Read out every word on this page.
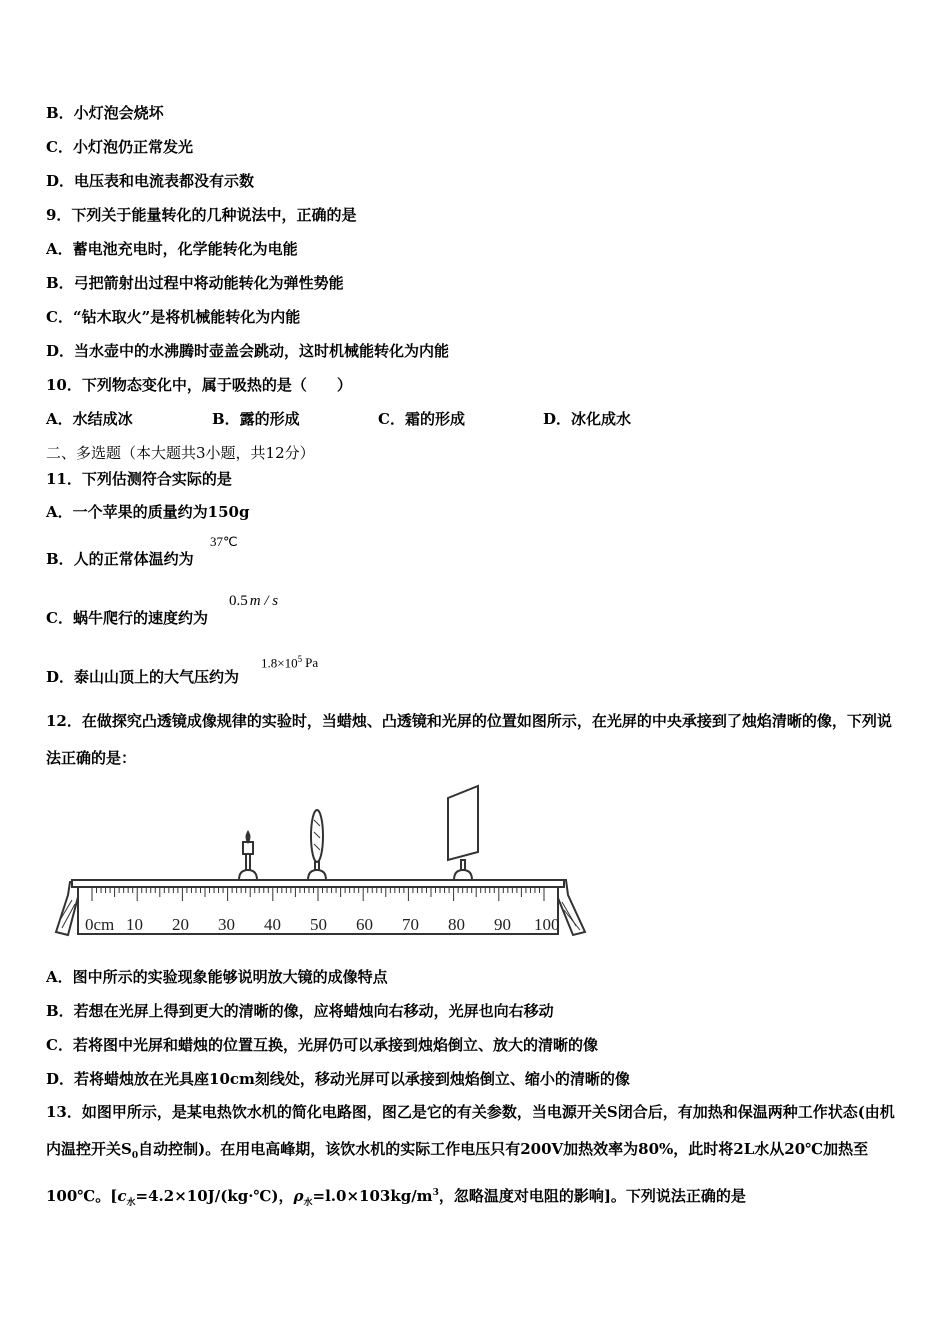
B．小灯泡会烧坏
C．小灯泡仍正常发光
D．电压表和电流表都没有示数
9．下列关于能量转化的几种说法中，正确的是
A．蓄电池充电时，化学能转化为电能
B．弓把箭射出过程中将动能转化为弹性势能
C．“钻木取火”是将机械能转化为内能
D．当水壶中的水沸腾时壶盖会跳动，这时机械能转化为内能
10．下列物态变化中，属于吸热的是（　　）
A．水结成冰	B．露的形成	C．霜的形成	D．冰化成水
二、多选题（本大题共3小题，共12分）
11．下列估测符合实际的是
A．一个苹果的质量约为150g
B．人的正常体温约为
37℃
C．蜗牛爬行的速度约为
0.5 m / s
D．泰山山顶上的大气压约为
$1.8\times 10^5$ Pa
12．在做探究凸透镜成像规律的实验时，当蜡烛、凸透镜和光屏的位置如图所示，在光屏的中央承接到了烛焰清晰的像，下列说法正确的是：
0cm 10 20 30 40 50 60 70 80 90 100
A．图中所示的实验现象能够说明放大镜的成像特点
B．若想在光屏上得到更大的清晰的像，应将蜡烛向右移动，光屏也向右移动
C．若将图中光屏和蜡烛的位置互换，光屏仍可以承接到烛焰倒立、放大的清晰的像
D．若将蜡烛放在光具座10cm刻线处，移动光屏可以承接到烛焰倒立、缩小的清晰的像
13．如图甲所示，是某电热饮水机的简化电路图，图乙是它的有关参数，当电源开关S闭合后，有加热和保温两种工作状态(由机内温控开关$S_0$自动控制)。在用电高峰期，该饮水机的实际工作电压只有200V加热效率为80%，此时将2L水从20℃加热至100℃。[$c_水=4.2\times 10J/(kg\cdot℃)$，$\rho_水=l.0\times 103kg/m^3$，忽略温度对电阻的影响]。下列说法正确的是
